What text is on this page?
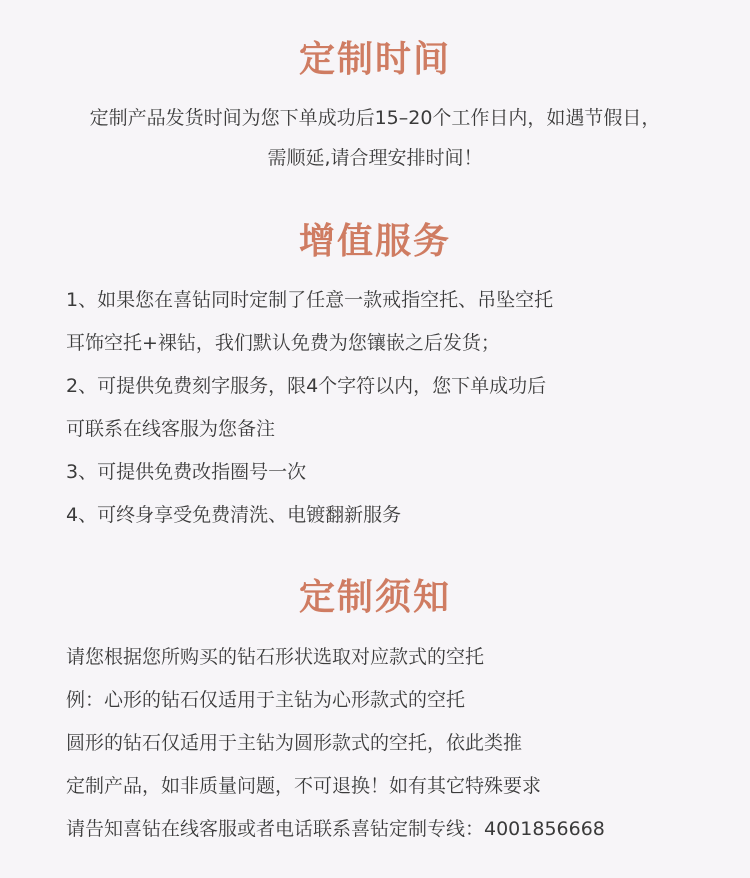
定制时间
定制产品发货时间为您下单成功后15–20个工作日内，如遇节假日，
需顺延,请合理安排时间！
增值服务
1、如果您在喜钻同时定制了任意一款戒指空托、吊坠空托
耳饰空托+裸钻，我们默认免费为您镶嵌之后发货；
2、可提供免费刻字服务，限4个字符以内，您下单成功后
可联系在线客服为您备注
3、可提供免费改指圈号一次
4、可终身享受免费清洗、电镀翻新服务
定制须知
请您根据您所购买的钻石形状选取对应款式的空托
例：心形的钻石仅适用于主钻为心形款式的空托
圆形的钻石仅适用于主钻为圆形款式的空托，依此类推
定制产品，如非质量问题，不可退换！如有其它特殊要求
请告知喜钻在线客服或者电话联系喜钻定制专线：4001856668
